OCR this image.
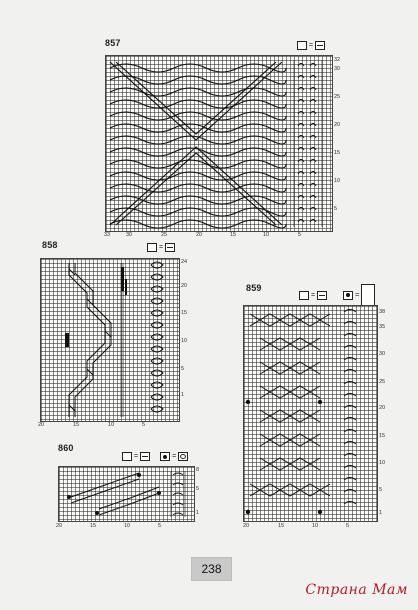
857	=
32
30
25
20
15
10
5
33	30	25	20	15	10	5
858	=
24
20
15
10
5
1
20	15	10	5
859
=	=
38
35
30
25
20
15
10
5
1
20	15	10	5
860
=	=
8
5
1
20	15	10	5
238
Страна Мам
